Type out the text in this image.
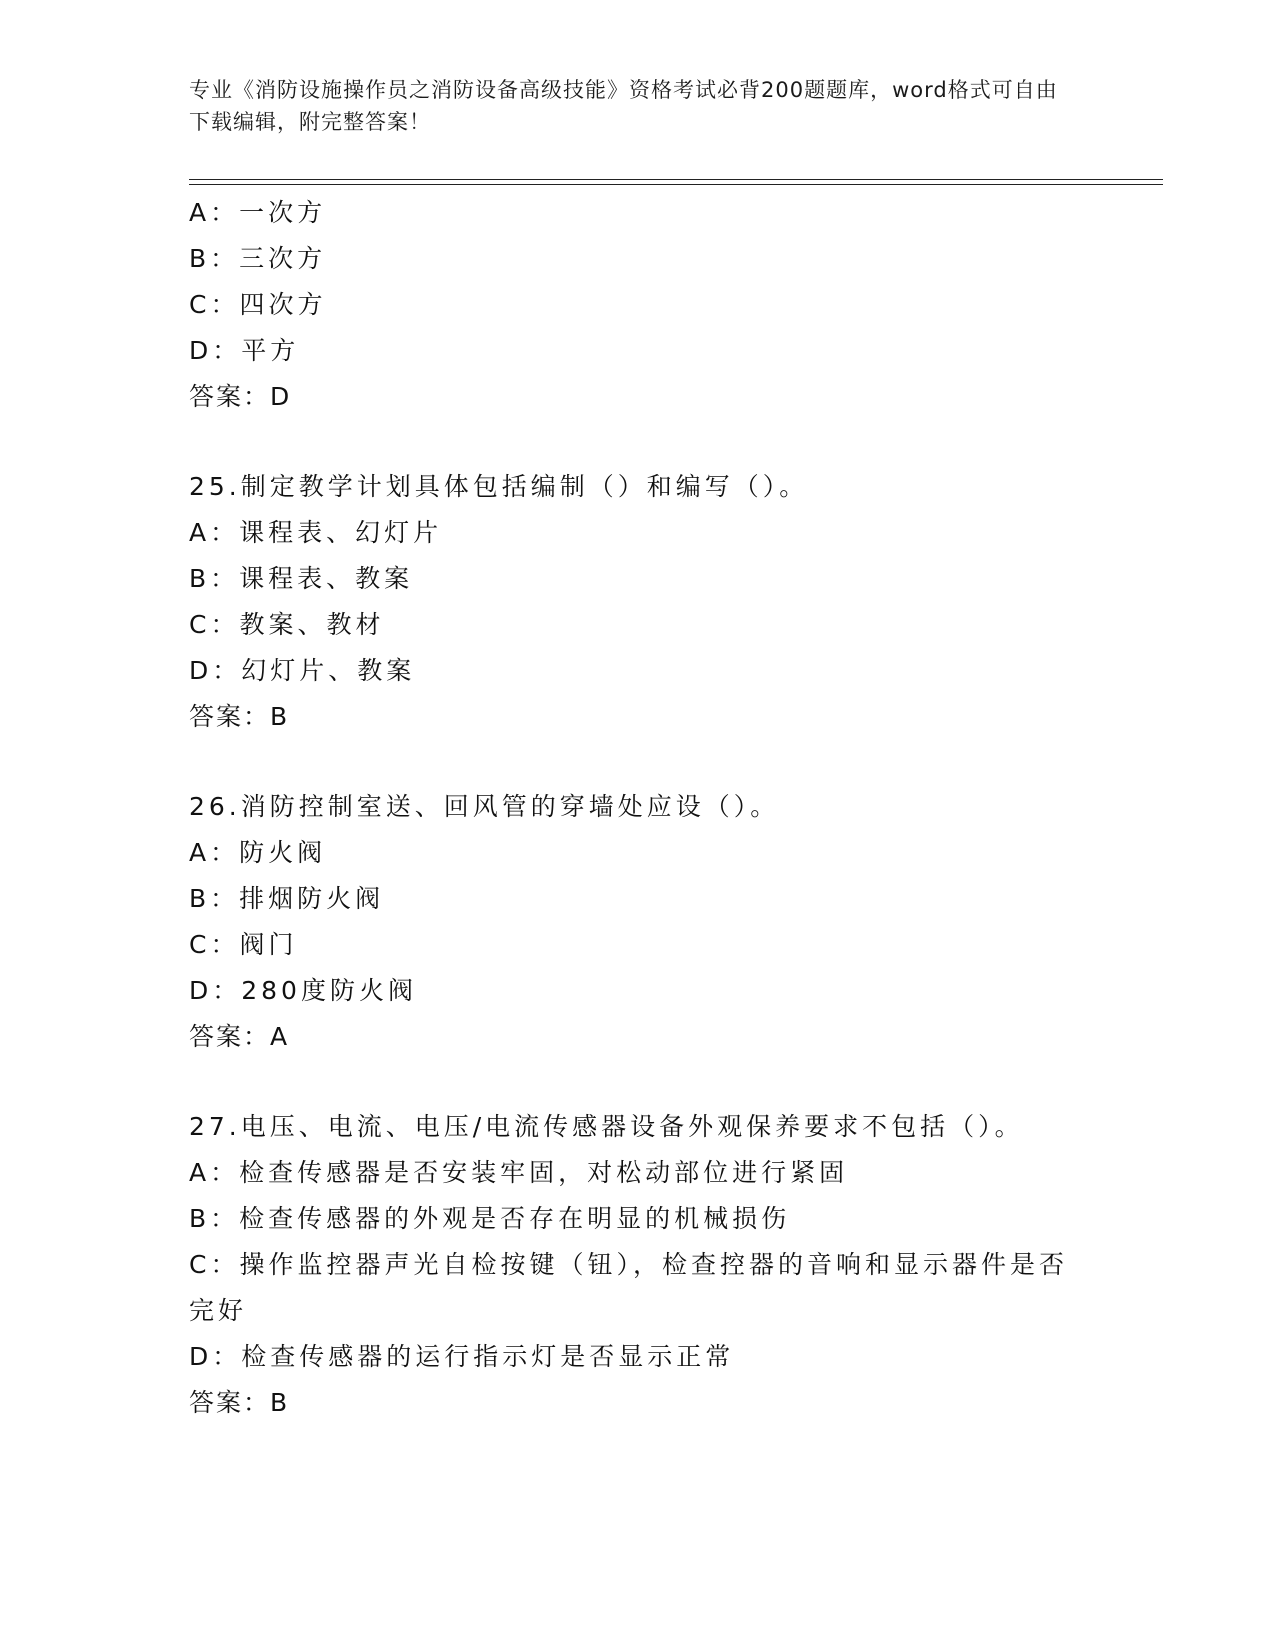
专业《消防设施操作员之消防设备高级技能》资格考试必背200题题库，word格式可自由下载编辑，附完整答案！
A：一次方
B：三次方
C：四次方
D：平方
答案：D
25.制定教学计划具体包括编制（）和编写（）。
A：课程表、幻灯片
B：课程表、教案
C：教案、教材
D：幻灯片、教案
答案：B
26.消防控制室送、回风管的穿墙处应设（）。
A：防火阀
B：排烟防火阀
C：阀门
D：280度防火阀
答案：A
27.电压、电流、电压/电流传感器设备外观保养要求不包括（）。
A：检查传感器是否安装牢固，对松动部位进行紧固
B：检查传感器的外观是否存在明显的机械损伤
C：操作监控器声光自检按键（钮），检查控器的音响和显示器件是否完好
D：检查传感器的运行指示灯是否显示正常
答案：B
